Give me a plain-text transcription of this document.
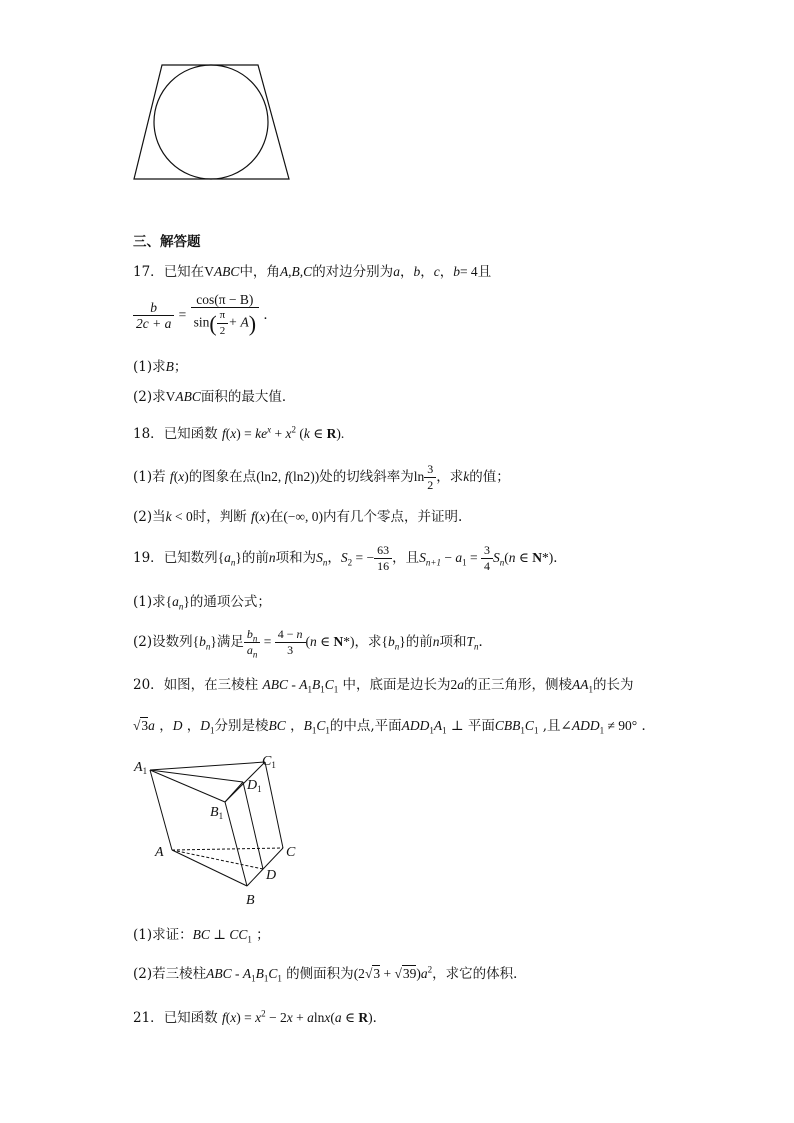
三、解答题
17．已知在VABC中，角A,B,C的对边分别为a，b，c，b= 4且
$\frac{b}{2c + a} = \frac{\cos(\pi - B)}{\sin( \frac{\pi}{2} + A)}$ ．
(1)求B；
(2)求VABC面积的最大值．
18．已知函数 $f(x) = ke^x + x^2$ (k ∈ R).
(1)若 f(x)的图象在点(ln2, f(ln2))处的切线斜率为$\ln \frac{3}{2}$ ，求k的值；
(2)当k < 0时，判断 f(x)在(−∞, 0)内有几个零点，并证明.
19．已知数列$\{a_n\}$的前n项和为$S_n$，$S_2$ = − $\frac{63}{16}$ ，且$S_{n+1} - a_1 = \frac{3}{4} S_n(n$ ∈ N*)．
(1)求$\{a_n\}$的通项公式；
(2)设数列$\{b_n\}$满足 $\frac{b_n}{a_n} = \frac{4 - n}{3} (n$ ∈ N*)，求$\{b_n\}$的前n项和$T_n$．
20．如图，在三棱柱 ABC - $A_1B_1C_1$ 中，底面是边长为2a的正三角形，侧棱$AA_1$的长为
√3a ，D ，$D_1$分别是棱BC ，$B_1C_1$的中点,平面$ADD_1A_1$ ⊥ 平面$CBB_1C_1$ ,且$\angle ADD_1 \ne 90^\circ$ ．
$A_1$
$C_1$
$D_1$
$B_1$
A	C
D
B
(1)求证：BC ⊥ $CC_1$ ；
(2)若三棱柱ABC - $A_1B_1C_1$ 的侧面积为$(2√3 + √39)a^2$，求它的体积．
21．已知函数 $f(x) = x^2 - 2x + alnx(a$ ∈ R)．
